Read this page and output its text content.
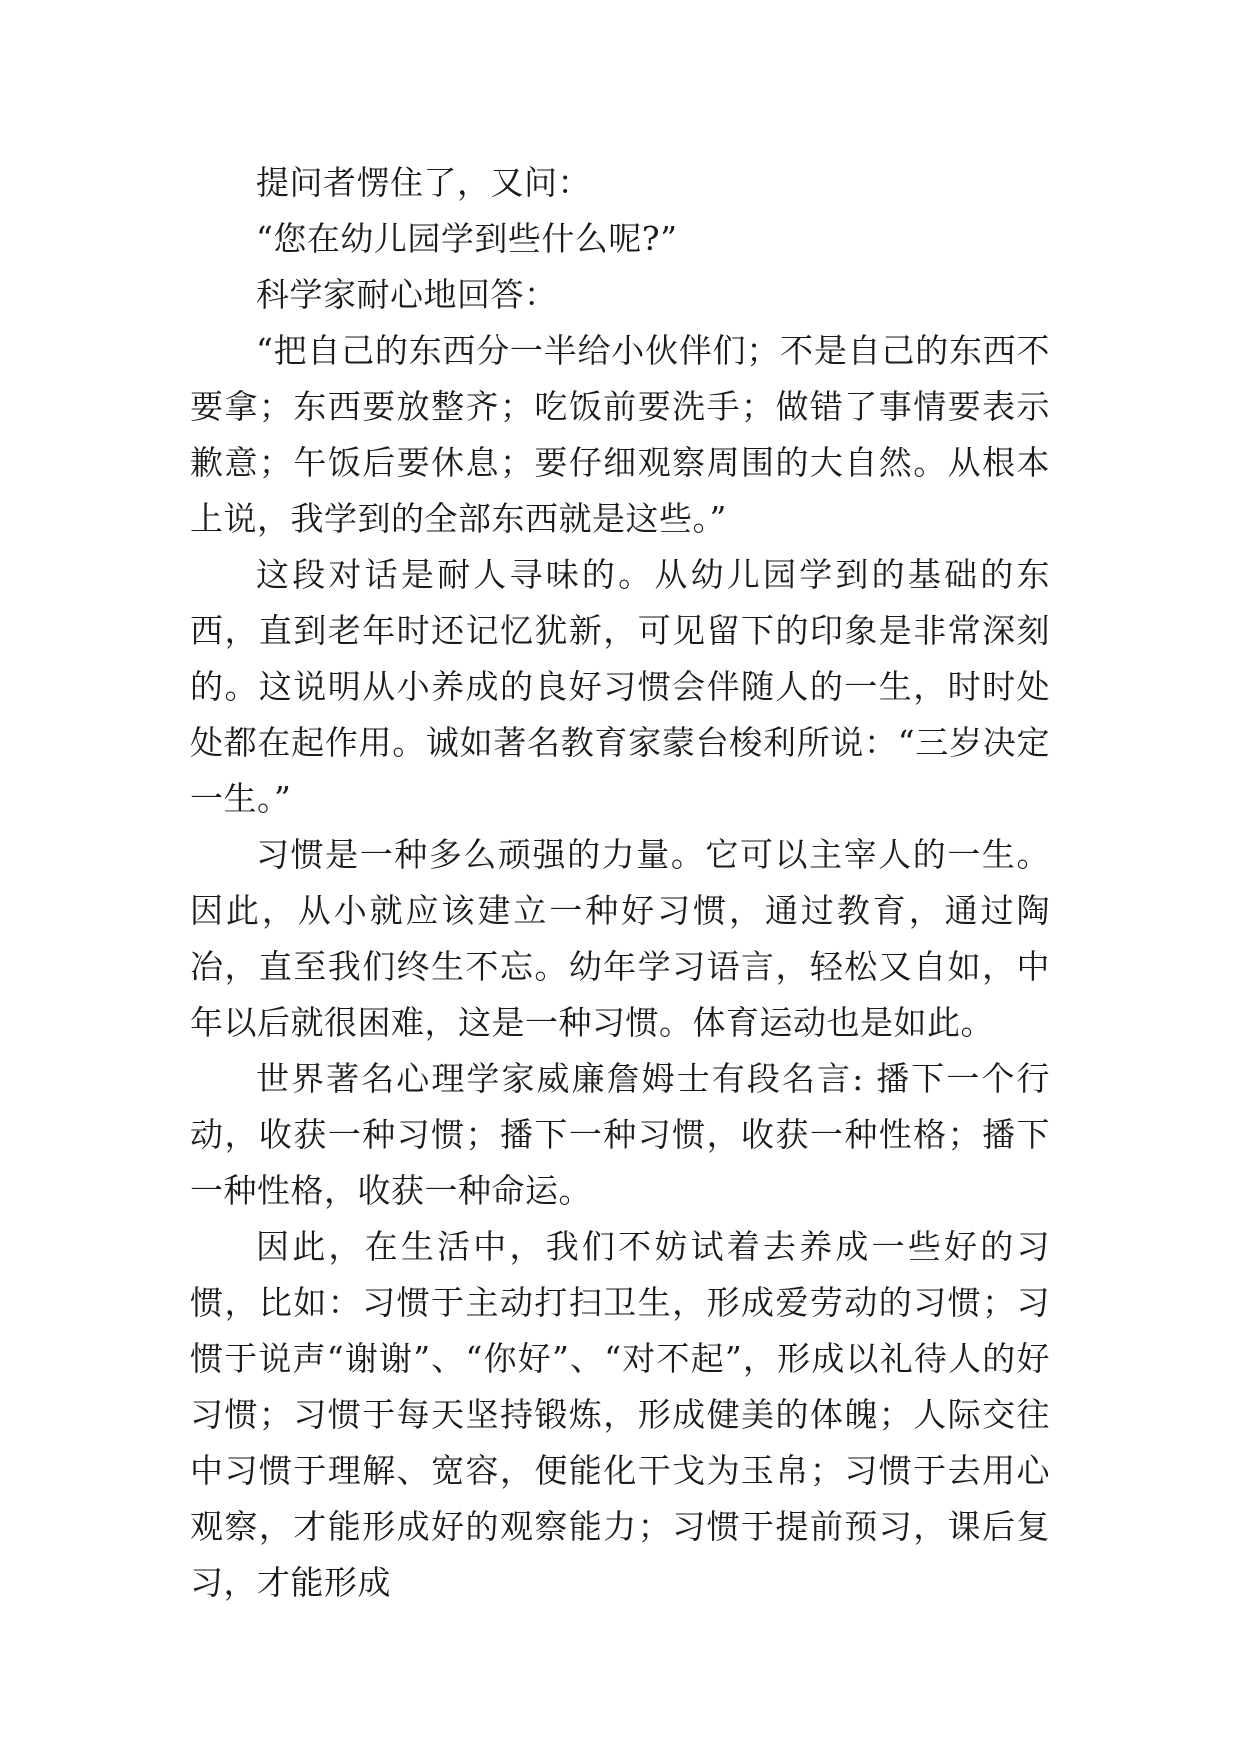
提问者愣住了，又问：

“您在幼儿园学到些什么呢?”

科学家耐心地回答：

“把自己的东西分一半给小伙伴们；不是自己的东西不要拿；东西要放整齐；吃饭前要洗手；做错了事情要表示歉意；午饭后要休息；要仔细观察周围的大自然。从根本上说，我学到的全部东西就是这些。”

这段对话是耐人寻味的。从幼儿园学到的基础的东西，直到老年时还记忆犹新，可见留下的印象是非常深刻的。这说明从小养成的良好习惯会伴随人的一生，时时处处都在起作用。诚如著名教育家蒙台梭利所说：“三岁决定一生。”

习惯是一种多么顽强的力量。它可以主宰人的一生。因此，从小就应该建立一种好习惯，通过教育，通过陶冶，直至我们终生不忘。幼年学习语言，轻松又自如，中年以后就很困难，这是一种习惯。体育运动也是如此。

世界著名心理学家威廉詹姆士有段名言: 播下一个行动，收获一种习惯；播下一种习惯，收获一种性格；播下一种性格，收获一种命运。

因此，在生活中，我们不妨试着去养成一些好的习惯，比如：习惯于主动打扫卫生，形成爱劳动的习惯；习惯于说声“谢谢”、“你好”、“对不起”，形成以礼待人的好习惯；习惯于每天坚持锻炼，形成健美的体魄；人际交往中习惯于理解、宽容，便能化干戈为玉帛；习惯于去用心观察，才能形成好的观察能力；习惯于提前预习，课后复习，才能形成
